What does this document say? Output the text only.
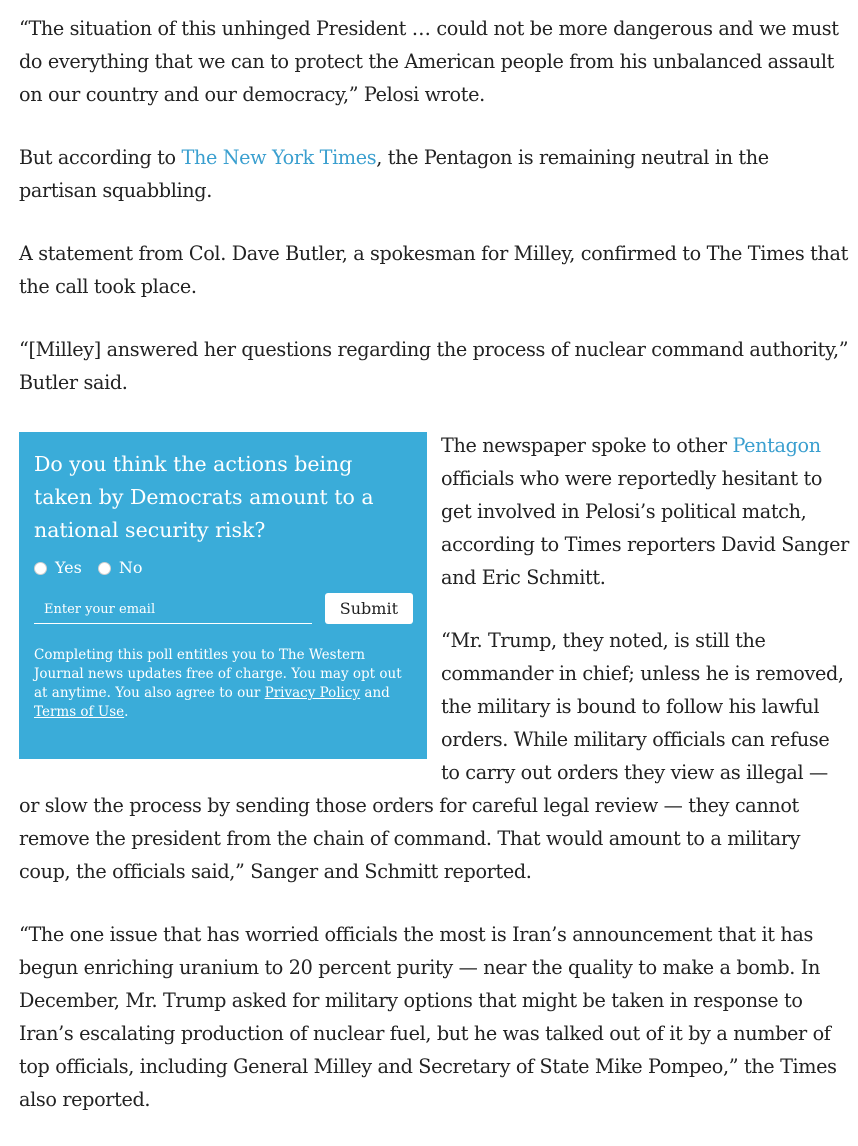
“The situation of this unhinged President … could not be more dangerous and we must do everything that we can to protect the American people from his unbalanced assault on our country and our democracy,” Pelosi wrote.

But according to The New York Times, the Pentagon is remaining neutral in the partisan squabbling.

A statement from Col. Dave Butler, a spokesman for Milley, confirmed to The Times that the call took place.

“[Milley] answered her questions regarding the process of nuclear command authority,” Butler said.

Do you think the actions being taken by Democrats amount to a national security risk?
Yes No
Enter your email
Submit
Completing this poll entitles you to The Western Journal news updates free of charge. You may opt out at anytime. You also agree to our Privacy Policy and Terms of Use.

The newspaper spoke to other Pentagon officials who were reportedly hesitant to get involved in Pelosi’s political match, according to Times reporters David Sanger and Eric Schmitt.

“Mr. Trump, they noted, is still the commander in chief; unless he is removed, the military is bound to follow his lawful orders. While military officials can refuse to carry out orders they view as illegal — or slow the process by sending those orders for careful legal review — they cannot remove the president from the chain of command. That would amount to a military coup, the officials said,” Sanger and Schmitt reported.

“The one issue that has worried officials the most is Iran’s announcement that it has begun enriching uranium to 20 percent purity — near the quality to make a bomb. In December, Mr. Trump asked for military options that might be taken in response to Iran’s escalating production of nuclear fuel, but he was talked out of it by a number of top officials, including General Milley and Secretary of State Mike Pompeo,” the Times also reported.
